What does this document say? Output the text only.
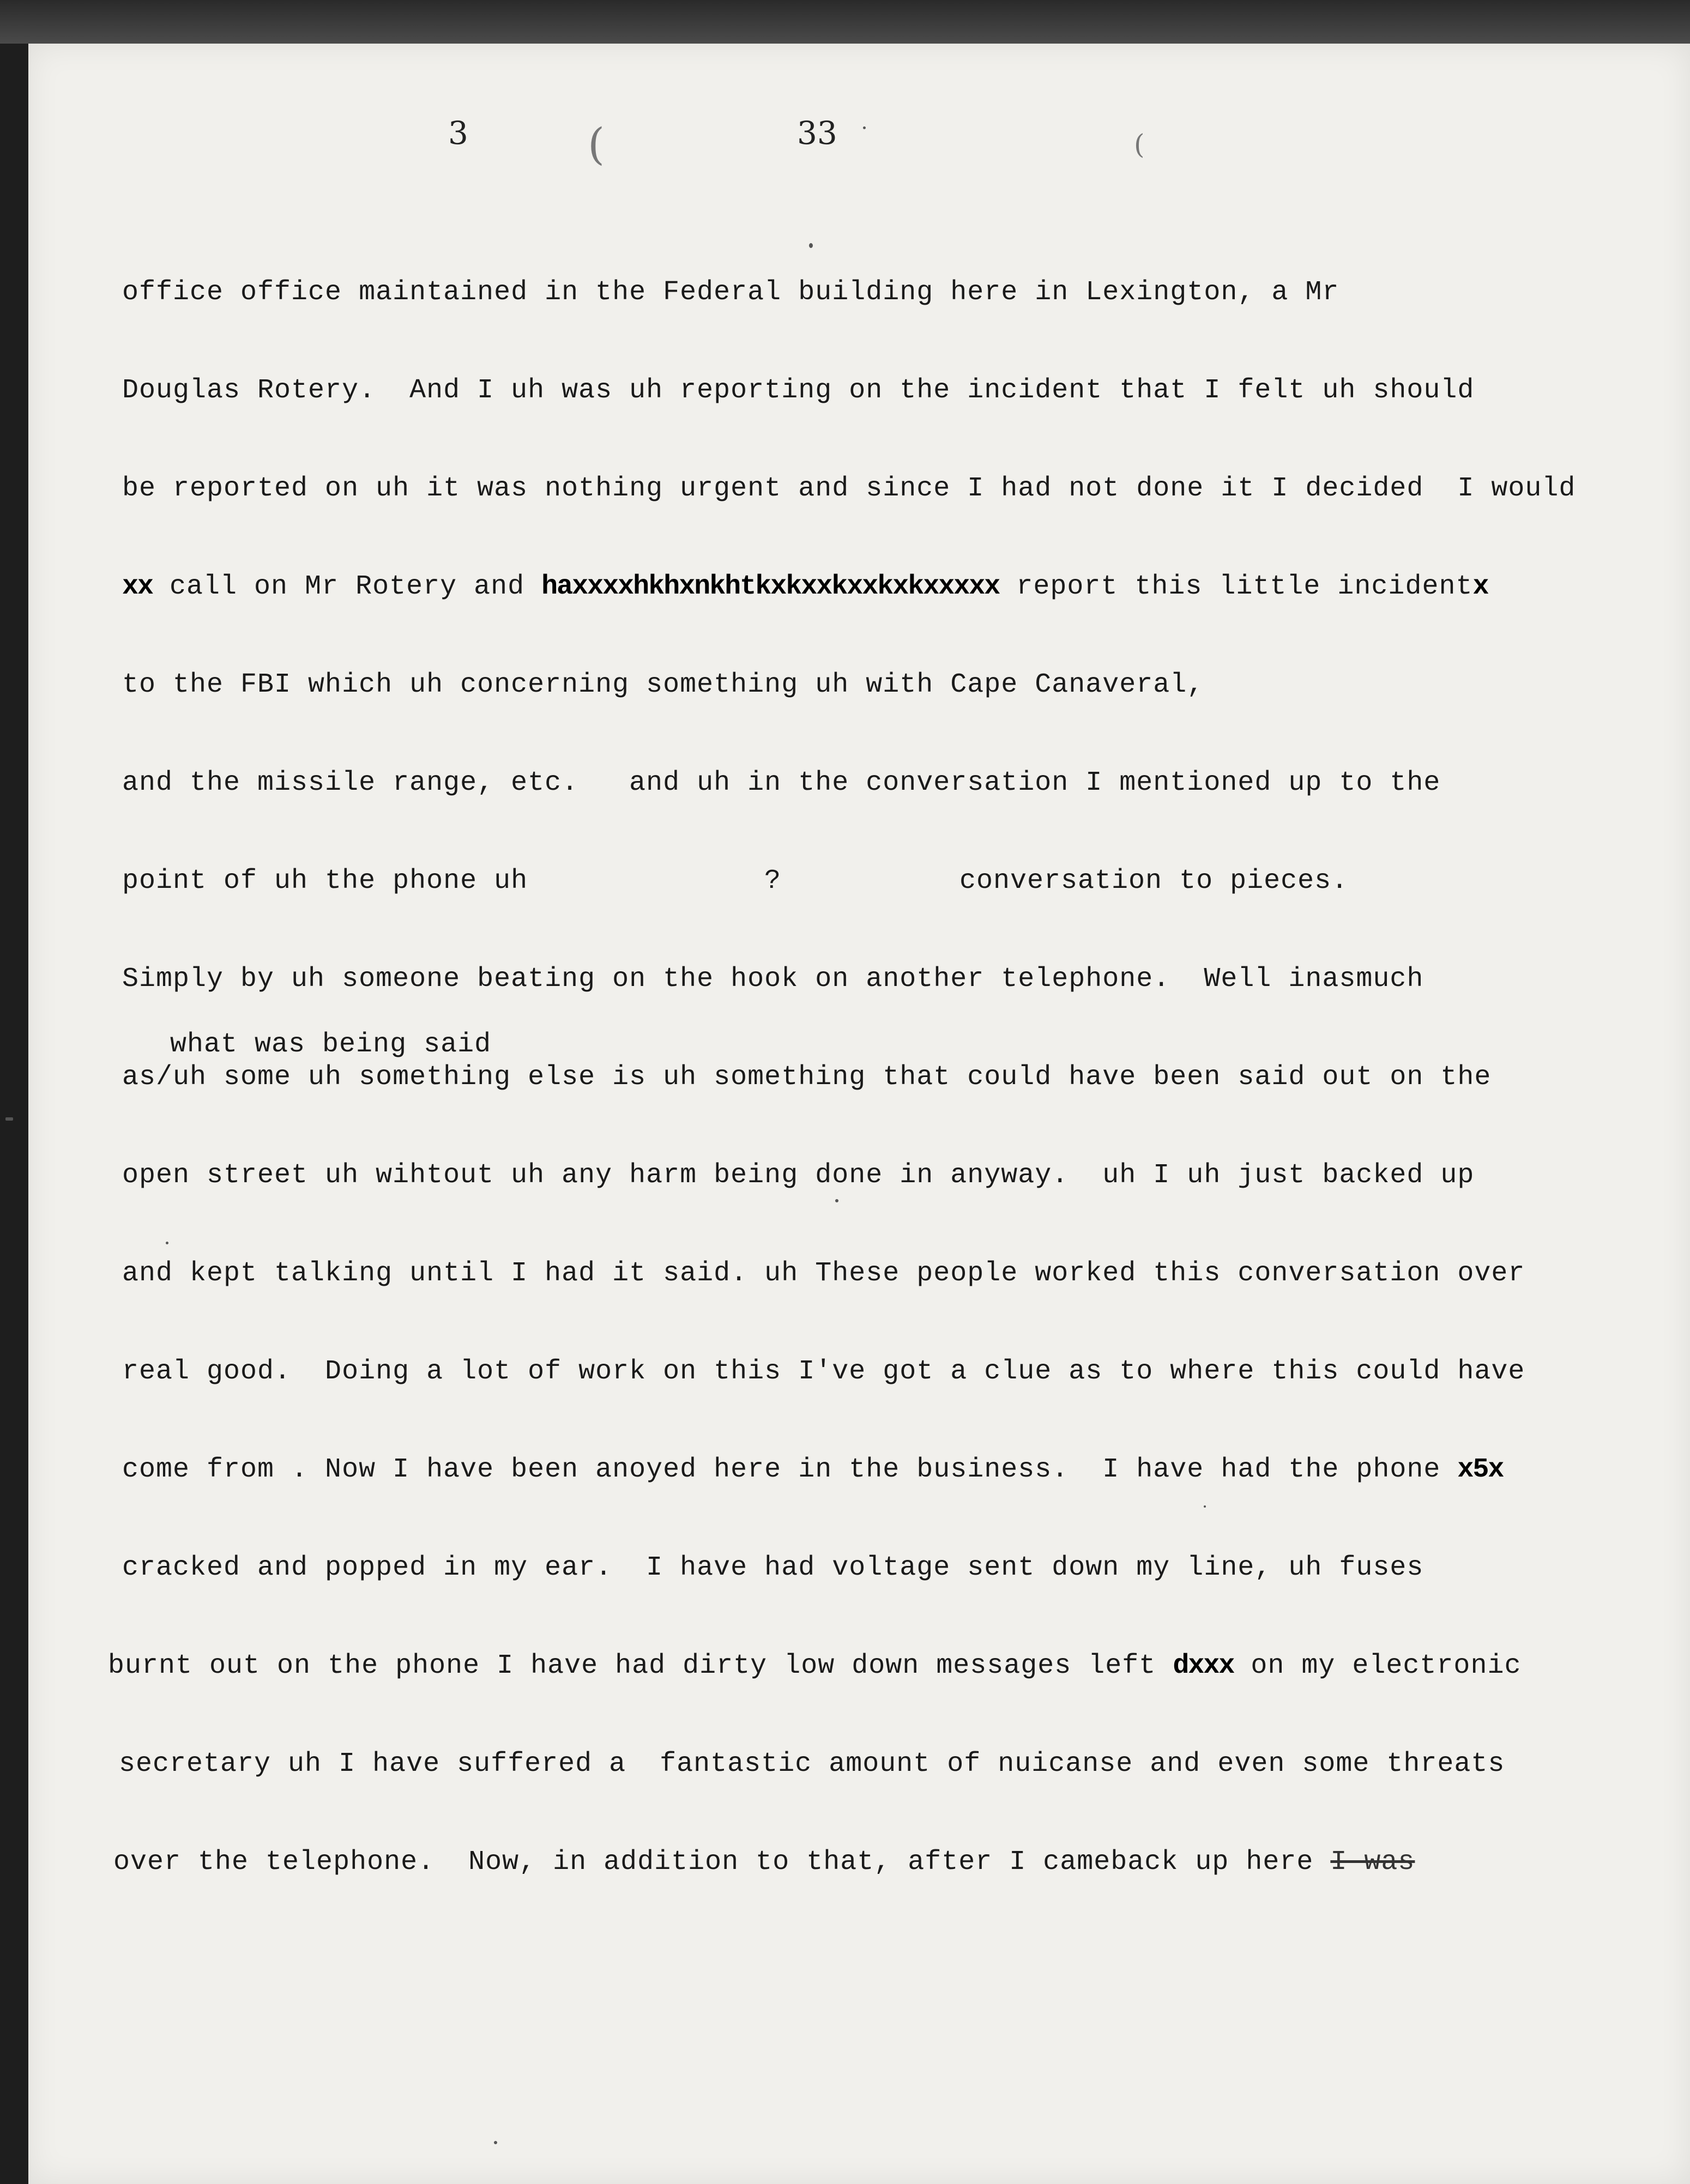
3	(	33	(
office office maintained in the Federal building here in Lexington, a Mr
Douglas Rotery.  And I uh was uh reporting on the incident that I felt uh should
be reported on uh it was nothing urgent and since I had not done it I decided  I would
xx call on Mr Rotery and haxxxxhkhxnkhtkxkxxkxxkxkxxxxx report this little incidentx
to the FBI which uh concerning something uh with Cape Canaveral,
and the missile range, etc.   and uh in the conversation I mentioned up to the
point of uh the phone uh	?	conversation to pieces.
Simply by uh someone beating on the hook on another telephone.  Well inasmuch
what was being said
as/uh some uh something else is uh something that could have been said out on the
open street uh wihtout uh any harm being done in anyway.  uh I uh just backed up
and kept talking until I had it said. uh These people worked this conversation over
real good.  Doing a lot of work on this I've got a clue as to where this could have
come from . Now I have been anoyed here in the business.  I have had the phone x5x
cracked and popped in my ear.  I have had voltage sent down my line, uh fuses
burnt out on the phone I have had dirty low down messages left dxxx on my electronic
secretary uh I have suffered a  fantastic amount of nuicanse and even some threats
over the telephone.  Now, in addition to that, after I cameback up here I was
